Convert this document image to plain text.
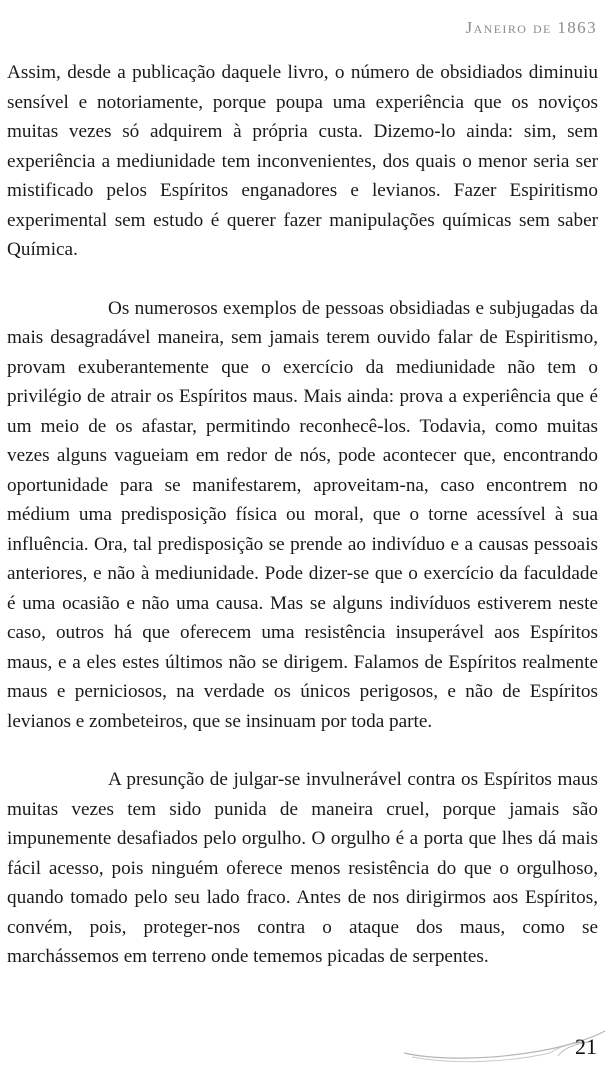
Janeiro de 1863

Assim, desde a publicação daquele livro, o número de obsidiados diminuiu sensível e notoriamente, porque poupa uma experiência que os noviços muitas vezes só adquirem à própria custa. Dizemo-lo ainda: sim, sem experiência a mediunidade tem inconvenientes, dos quais o menor seria ser mistificado pelos Espíritos enganadores e levianos. Fazer Espiritismo experimental sem estudo é querer fazer manipulações químicas sem saber Química.

Os numerosos exemplos de pessoas obsidiadas e subjugadas da mais desagradável maneira, sem jamais terem ouvido falar de Espiritismo, provam exuberantemente que o exercício da mediunidade não tem o privilégio de atrair os Espíritos maus. Mais ainda: prova a experiência que é um meio de os afastar, permitindo reconhecê-los. Todavia, como muitas vezes alguns vagueiam em redor de nós, pode acontecer que, encontrando oportunidade para se manifestarem, aproveitam-na, caso encontrem no médium uma predisposição física ou moral, que o torne acessível à sua influência. Ora, tal predisposição se prende ao indivíduo e a causas pessoais anteriores, e não à mediunidade. Pode dizer-se que o exercício da faculdade é uma ocasião e não uma causa. Mas se alguns indivíduos estiverem neste caso, outros há que oferecem uma resistência insuperável aos Espíritos maus, e a eles estes últimos não se dirigem. Falamos de Espíritos realmente maus e perniciosos, na verdade os únicos perigosos, e não de Espíritos levianos e zombeteiros, que se insinuam por toda parte.

A presunção de julgar-se invulnerável contra os Espíritos maus muitas vezes tem sido punida de maneira cruel, porque jamais são impunemente desafiados pelo orgulho. O orgulho é a porta que lhes dá mais fácil acesso, pois ninguém oferece menos resistência do que o orgulhoso, quando tomado pelo seu lado fraco. Antes de nos dirigirmos aos Espíritos, convém, pois, proteger-nos contra o ataque dos maus, como se marchássemos em terreno onde tememos picadas de serpentes.

21
